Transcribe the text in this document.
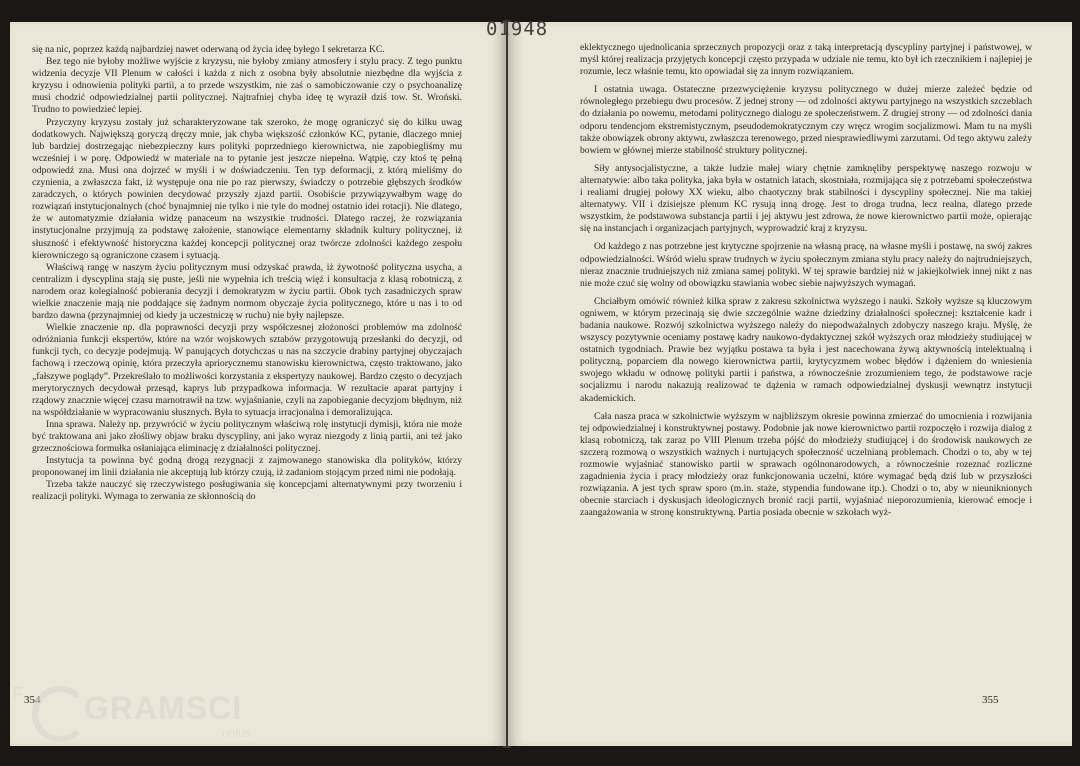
się na nic, poprzez każdą najbardziej nawet oderwaną od życia ideę byłego I sekretarza KC.

Bez tego nie byłoby możliwe wyjście z kryzysu, nie byłoby zmiany atmosfery i stylu pracy. Z tego punktu widzenia decyzje VII Plenum w całości i każda z nich z osobna były absolutnie niezbędne dla wyjścia z kryzysu i odnowienia polityki partii, a to przede wszystkim, nie zaś o samobiczowanie czy o psychoanalizę musi chodzić odpowiedzialnej partii politycznej. Najtrafniej chyba ideę tę wyraził dziś tow. St. Wroński. Trudno to powiedzieć lepiej.

Przyczyny kryzysu zostały już scharakteryzowane tak szeroko, że mogę ograniczyć się do kilku uwag dodatkowych. Największą goryczą dręczy mnie, jak chyba większość członków KC, pytanie, dlaczego mniej lub bardziej dostrzegając niebezpieczny kurs polityki poprzedniego kierownictwa, nie zapobiegliśmy mu wcześniej i w porę. Odpowiedź w materiale na to pytanie jest jeszcze niepełna. Wątpię, czy ktoś tę pełną odpowiedź zna. Musi ona dojrzeć w myśli i w doświadczeniu. Ten typ deformacji, z którą mieliśmy do czynienia, a zwłaszcza fakt, iż występuje ona nie po raz pierwszy, świadczy o potrzebie głębszych środków zaradczych, o których powinien decydować przyszły zjazd partii. Osobiście przywiązywałbym wagę do rozwiązań instytucjonalnych (choć bynajmniej nie tylko i nie tyle do modnej ostatnio idei rotacji). Nie dlatego, że w automatyzmie działania widzę panaceum na wszystkie trudności. Dlatego raczej, że rozwiązania instytucjonalne przyjmują za podstawę założenie, stanowiące elementarny składnik kultury politycznej, iż słuszność i efektywność historyczna każdej koncepcji politycznej oraz twórcze zdolności każdego zespołu kierowniczego są ograniczone czasem i sytuacją.

Właściwą rangę w naszym życiu politycznym musi odzyskać prawda, iż żywotność polityczna usycha, a centralizm i dyscyplina stają się puste, jeśli nie wypełnia ich treścią więź i konsultacja z klasą robotniczą, z narodem oraz kolegialność pobierania decyzji i demokratyzm w życiu partii. Obok tych zasadniczych spraw wielkie znaczenie mają nie poddające się żadnym normom obyczaje życia politycznego, które u nas i to od bardzo dawna (przynajmniej od kiedy ja uczestniczę w ruchu) nie były najlepsze.

Wielkie znaczenie np. dla poprawności decyzji przy współczesnej złożoności problemów ma zdolność odróżniania funkcji ekspertów, które na wzór wojskowych sztabów przygotowują przesłanki do decyzji, od funkcji tych, co decyzje podejmują. W panujących dotychczas u nas na szczycie drabiny partyjnej obyczajach fachową i rzeczową opinię, która przeczyła apriorycznemu stanowisku kierownictwa, często traktowano, jako „fałszywe poglądy”. Przekreślało to możliwości korzystania z ekspertyzy naukowej. Bardzo często o decyzjach merytorycznych decydował przesąd, kaprys lub przypadkowa informacja. W rezultacie aparat partyjny i rządowy znacznie więcej czasu marnotrawił na tzw. wyjaśnianie, czyli na zapobieganie decyzjom błędnym, niż na współdziałanie w wypracowaniu słusznych. Była to sytuacja irracjonalna i demoralizująca.

Inna sprawa. Należy np. przywrócić w życiu politycznym właściwą rolę instytucji dymisji, która nie może być traktowana ani jako złośliwy objaw braku dyscypliny, ani jako wyraz niezgody z linią partii, ani też jako grzecznościowa formułka osłaniająca eliminację z działalności politycznej.

Instytucja ta powinna być godną drogą rezygnacji z zajmowanego stanowiska dla polityków, którzy proponowanej im linii działania nie akceptują lub którzy czują, iż zadaniom stojącym przed nimi nie podołają.

Trzeba także nauczyć się rzeczywistego posługiwania się koncepcjami alternatywnymi przy tworzeniu i realizacji polityki. Wymaga to zerwania ze skłonnością do

354

eklektycznego ujednolicania sprzecznych propozycji oraz z taką interpretacją dyscypliny partyjnej i państwowej, w myśl której realizacja przyjętych koncepcji często przypada w udziale nie temu, kto był ich rzecznikiem i najlepiej je rozumie, lecz właśnie temu, kto opowiadał się za innym rozwiązaniem.

I ostatnia uwaga. Ostateczne przezwyciężenie kryzysu politycznego w dużej mierze zależeć będzie od równoległego przebiegu dwu procesów. Z jednej strony — od zdolności aktywu partyjnego na wszystkich szczeblach do działania po nowemu, metodami politycznego dialogu ze społeczeństwem. Z drugiej strony — od zdolności dania odporu tendencjom ekstremistycznym, pseudodemokratycznym czy wręcz wrogim socjalizmowi. Mam tu na myśli także obowiązek obrony aktywu, zwłaszcza terenowego, przed niesprawiedliwymi zarzutami. Od tego aktywu zależy bowiem w głównej mierze stabilność struktury politycznej.

Siły antysocjalistyczne, a także ludzie małej wiary chętnie zamknęliby perspektywę naszego rozwoju w alternatywie: albo taka polityka, jaka była w ostatnich latach, skostniała, rozmijająca się z potrzebami społeczeństwa i realiami drugiej połowy XX wieku, albo chaotyczny brak stabilności i dyscypliny społecznej. Nie ma takiej alternatywy. VII i dzisiejsze plenum KC rysują inną drogę. Jest to droga trudna, lecz realna, dlatego przede wszystkim, że podstawowa substancja partii i jej aktywu jest zdrowa, że nowe kierownictwo partii może, opierając się na instancjach i organizacjach partyjnych, wyprowadzić kraj z kryzysu.

Od każdego z nas potrzebne jest krytyczne spojrzenie na własną pracę, na własne myśli i postawę, na swój zakres odpowiedzialności. Wśród wielu spraw trudnych w życiu społecznym zmiana stylu pracy należy do najtrudniejszych, nieraz znacznie trudniejszych niż zmiana samej polityki. W tej sprawie bardziej niż w jakiejkolwiek innej nikt z nas nie może czuć się wolny od obowiązku stawiania wobec siebie najwyższych wymagań.

Chciałbym omówić również kilka spraw z zakresu szkolnictwa wyższego i nauki. Szkoły wyższe są kluczowym ogniwem, w którym przecinają się dwie szczególnie ważne dziedziny działalności społecznej: kształcenie kadr i badania naukowe. Rozwój szkolnictwa wyższego należy do niepodważalnych zdobyczy naszego kraju. Myślę, że wszyscy pozytywnie oceniamy postawę kadry naukowo-dydaktycznej szkół wyższych oraz młodzieży studiującej w ostatnich tygodniach. Prawie bez wyjątku postawa ta była i jest nacechowana żywą aktywnością intelektualną i polityczną, poparciem dla nowego kierownictwa partii, krytycyzmem wobec błędów i dążeniem do wniesienia swojego wkładu w odnowę polityki partii i państwa, a równocześnie zrozumieniem tego, że podstawowe racje socjalizmu i narodu nakazują realizować te dążenia w ramach odpowiedzialnej dyskusji wewnątrz instytucji akademickich.

Cała nasza praca w szkolnictwie wyższym w najbliższym okresie powinna zmierzać do umocnienia i rozwijania tej odpowiedzialnej i konstruktywnej postawy. Podobnie jak nowe kierownictwo partii rozpoczęło i rozwija dialog z klasą robotniczą, tak zaraz po VIII Plenum trzeba pójść do młodzieży studiującej i do środowisk naukowych ze szczerą rozmową o wszystkich ważnych i nurtujących społeczność uczelnianą problemach. Chodzi o to, aby w tej rozmowie wyjaśniać stanowisko partii w sprawach ogólnonarodowych, a równocześnie rozeznać rozliczne zagadnienia życia i pracy młodzieży oraz funkcjonowania uczelni, które wymagać będą dziś lub w przyszłości rozwiązania. A jest tych spraw sporo (m.in. staże, stypendia fundowane itp.). Chodzi o to, aby w nieuniknionych obecnie starciach i dyskusjach ideologicznych bronić racji partii, wyjaśniać nieporozumienia, kierować emocje i zaangażowania w stronę konstruktywną. Partia posiada obecnie w szkołach wyż-

355
01948
F GRAMSCI
onlus
